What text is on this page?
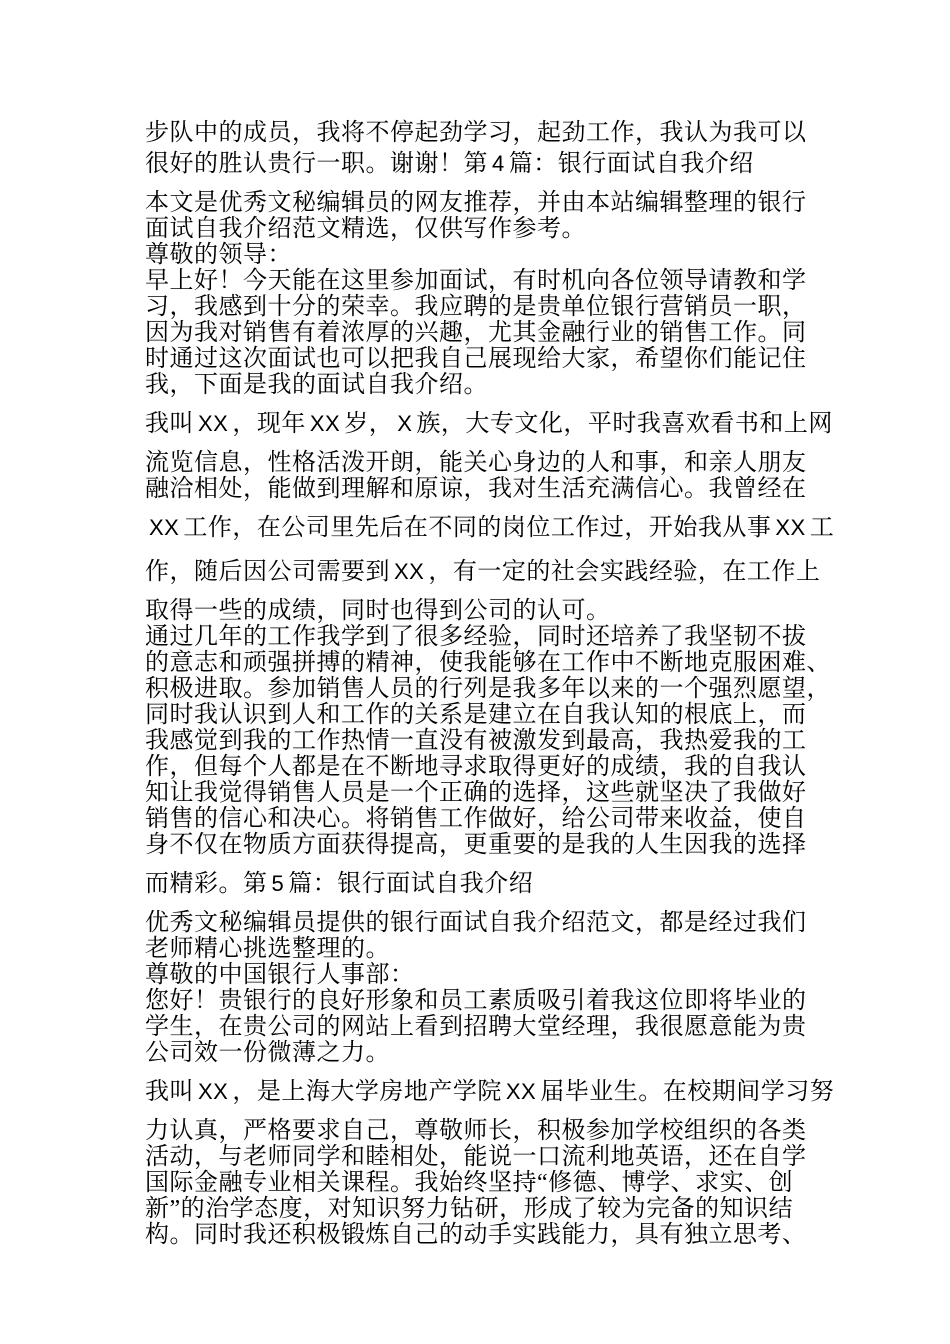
步队中的成员，我将不停起劲学习，起劲工作，我认为我可以
很好的胜认贵行一职。谢谢！第 4 篇：银行面试自我介绍
本文是优秀文秘编辑员的网友推荐，并由本站编辑整理的银行
面试自我介绍范文精选，仅供写作参考。
尊敬的领导：
早上好！今天能在这里参加面试，有时机向各位领导请教和学
习，我感到十分的荣幸。我应聘的是贵单位银行营销员一职，
因为我对销售有着浓厚的兴趣，尤其金融行业的销售工作。同
时通过这次面试也可以把我自己展现给大家，希望你们能记住
我，下面是我的面试自我介绍。
我叫 XX ，现年 XX 岁， X 族，大专文化，平时我喜欢看书和上网
流览信息，性格活泼开朗，能关心身边的人和事，和亲人朋友
融洽相处，能做到理解和原谅，我对生活充满信心。我曾经在
XX 工作，在公司里先后在不同的岗位工作过，开始我从事 XX 工
作，随后因公司需要到 XX ，有一定的社会实践经验，在工作上
取得一些的成绩，同时也得到公司的认可。
通过几年的工作我学到了很多经验，同时还培养了我坚韧不拔
的意志和顽强拼搏的精神，使我能够在工作中不断地克服困难、
积极进取。参加销售人员的行列是我多年以来的一个强烈愿望，
同时我认识到人和工作的关系是建立在自我认知的根底上，而
我感觉到我的工作热情一直没有被激发到最高，我热爱我的工
作，但每个人都是在不断地寻求取得更好的成绩，我的自我认
知让我觉得销售人员是一个正确的选择，这些就坚决了我做好
销售的信心和决心。将销售工作做好，给公司带来收益，使自
身不仅在物质方面获得提高，更重要的是我的人生因我的选择
而精彩。第 5 篇：银行面试自我介绍
优秀文秘编辑员提供的银行面试自我介绍范文，都是经过我们
老师精心挑选整理的。
尊敬的中国银行人事部：
您好！贵银行的良好形象和员工素质吸引着我这位即将毕业的
学生，在贵公司的网站上看到招聘大堂经理，我很愿意能为贵
公司效一份微薄之力。
我叫 XX ，是上海大学房地产学院 XX 届毕业生。在校期间学习努
力认真，严格要求自己，尊敬师长，积极参加学校组织的各类
活动，与老师同学和睦相处，能说一口流利地英语，还在自学
国际金融专业相关课程。我始终坚持“修德、博学、求实、创
新”的治学态度，对知识努力钻研，形成了较为完备的知识结
构。同时我还积极锻炼自己的动手实践能力，具有独立思考、
